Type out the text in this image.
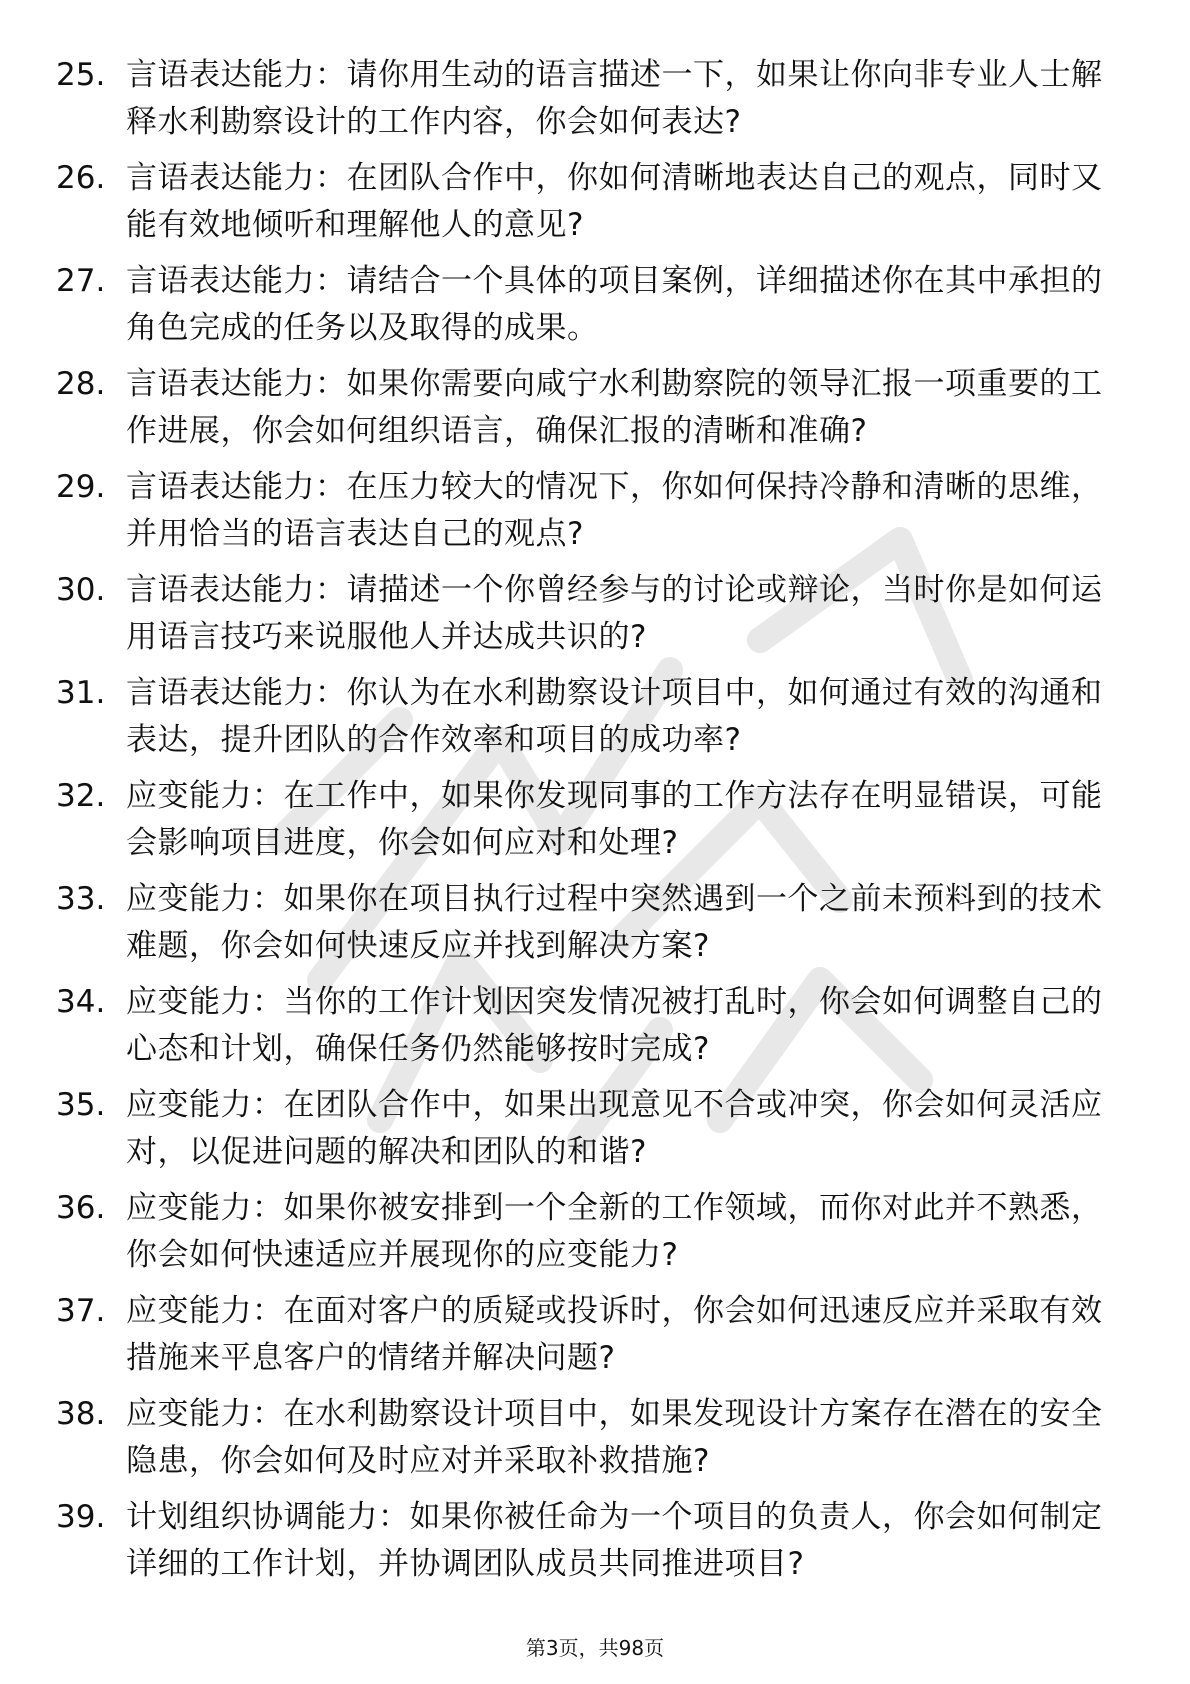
25. 言语表达能力：请你用生动的语言描述一下，如果让你向非专业人士解释水利勘察设计的工作内容，你会如何表达?
26. 言语表达能力：在团队合作中，你如何清晰地表达自己的观点，同时又能有效地倾听和理解他人的意见?
27. 言语表达能力：请结合一个具体的项目案例，详细描述你在其中承担的角色完成的任务以及取得的成果。
28. 言语表达能力：如果你需要向咸宁水利勘察院的领导汇报一项重要的工作进展，你会如何组织语言，确保汇报的清晰和准确?
29. 言语表达能力：在压力较大的情况下，你如何保持冷静和清晰的思维，并用恰当的语言表达自己的观点?
30. 言语表达能力：请描述一个你曾经参与的讨论或辩论，当时你是如何运用语言技巧来说服他人并达成共识的?
31. 言语表达能力：你认为在水利勘察设计项目中，如何通过有效的沟通和表达，提升团队的合作效率和项目的成功率?
32. 应变能力：在工作中，如果你发现同事的工作方法存在明显错误，可能会影响项目进度，你会如何应对和处理?
33. 应变能力：如果你在项目执行过程中突然遇到一个之前未预料到的技术难题，你会如何快速反应并找到解决方案?
34. 应变能力：当你的工作计划因突发情况被打乱时，你会如何调整自己的心态和计划，确保任务仍然能够按时完成?
35. 应变能力：在团队合作中，如果出现意见不合或冲突，你会如何灵活应对，以促进问题的解决和团队的和谐?
36. 应变能力：如果你被安排到一个全新的工作领域，而你对此并不熟悉，你会如何快速适应并展现你的应变能力?
37. 应变能力：在面对客户的质疑或投诉时，你会如何迅速反应并采取有效措施来平息客户的情绪并解决问题?
38. 应变能力：在水利勘察设计项目中，如果发现设计方案存在潜在的安全隐患，你会如何及时应对并采取补救措施?
39. 计划组织协调能力：如果你被任命为一个项目的负责人，你会如何制定详细的工作计划，并协调团队成员共同推进项目?
第3页，共98页
